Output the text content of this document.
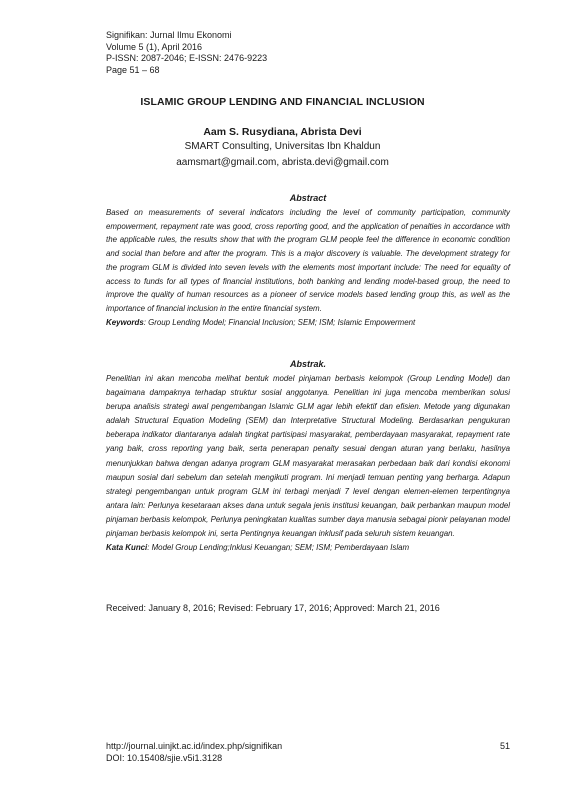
Signifikan: Jurnal Ilmu Ekonomi
Volume 5 (1), April 2016
P-ISSN: 2087-2046; E-ISSN: 2476-9223
Page 51 – 68
ISLAMIC GROUP LENDING AND FINANCIAL INCLUSION
Aam S. Rusydiana, Abrista Devi
SMART Consulting, Universitas Ibn Khaldun
aamsmart@gmail.com, abrista.devi@gmail.com
Abstract

Based on measurements of several indicators including the level of community participation, community empowerment, repayment rate was good, cross reporting good, and the application of penalties in accordance with the applicable rules, the results show that with the program GLM people feel the difference in economic condition and social than before and after the program. This is a major discovery is valuable. The development strategy for the program GLM is divided into seven levels with the elements most important include: The need for equality of access to funds for all types of financial institutions, both banking and lending model-based group, the need to improve the quality of human resources as a pioneer of service models based lending group this, as well as the importance of financial inclusion in the entire financial system.

Keywords: Group Lending Model; Financial Inclusion; SEM; ISM; Islamic Empowerment

Abstrak.

Penelitian ini akan mencoba melihat bentuk model pinjaman berbasis kelompok (Group Lending Model) dan bagaimana dampaknya terhadap struktur sosial anggotanya. Penelitian ini juga mencoba memberikan solusi berupa analisis strategi awal pengembangan Islamic GLM agar lebih efektif dan efisien. Metode yang digunakan adalah Structural Equation Modeling (SEM) dan Interpretative Structural Modeling. Berdasarkan pengukuran beberapa indikator diantaranya adalah tingkat partisipasi masyarakat, pemberdayaan masyarakat, repayment rate yang baik, cross reporting yang baik, serta penerapan penalty sesuai dengan aturan yang berlaku, hasilnya menunjukkan bahwa dengan adanya program GLM masyarakat merasakan perbedaan baik dari kondisi ekonomi maupun sosial dari sebelum dan setelah mengikuti program. Ini menjadi temuan penting yang berharga. Adapun strategi pengembangan untuk program GLM ini terbagi menjadi 7 level dengan elemen-elemen terpentingnya antara lain: Perlunya kesetaraan akses dana untuk segala jenis institusi keuangan, baik perbankan maupun model pinjaman berbasis kelompok, Perlunya peningkatan kualitas sumber daya manusia sebagai pionir pelayanan model pinjaman berbasis kelompok ini, serta Pentingnya keuangan inklusif pada seluruh sistem keuangan.

Kata Kunci: Model Group Lending;Inklusi Keuangan; SEM; ISM; Pemberdayaan Islam

Received: January 8, 2016; Revised: February 17, 2016; Approved: March 21, 2016
http://journal.uinjkt.ac.id/index.php/signifikan
DOI: 10.15408/sjie.v5i1.3128
51
